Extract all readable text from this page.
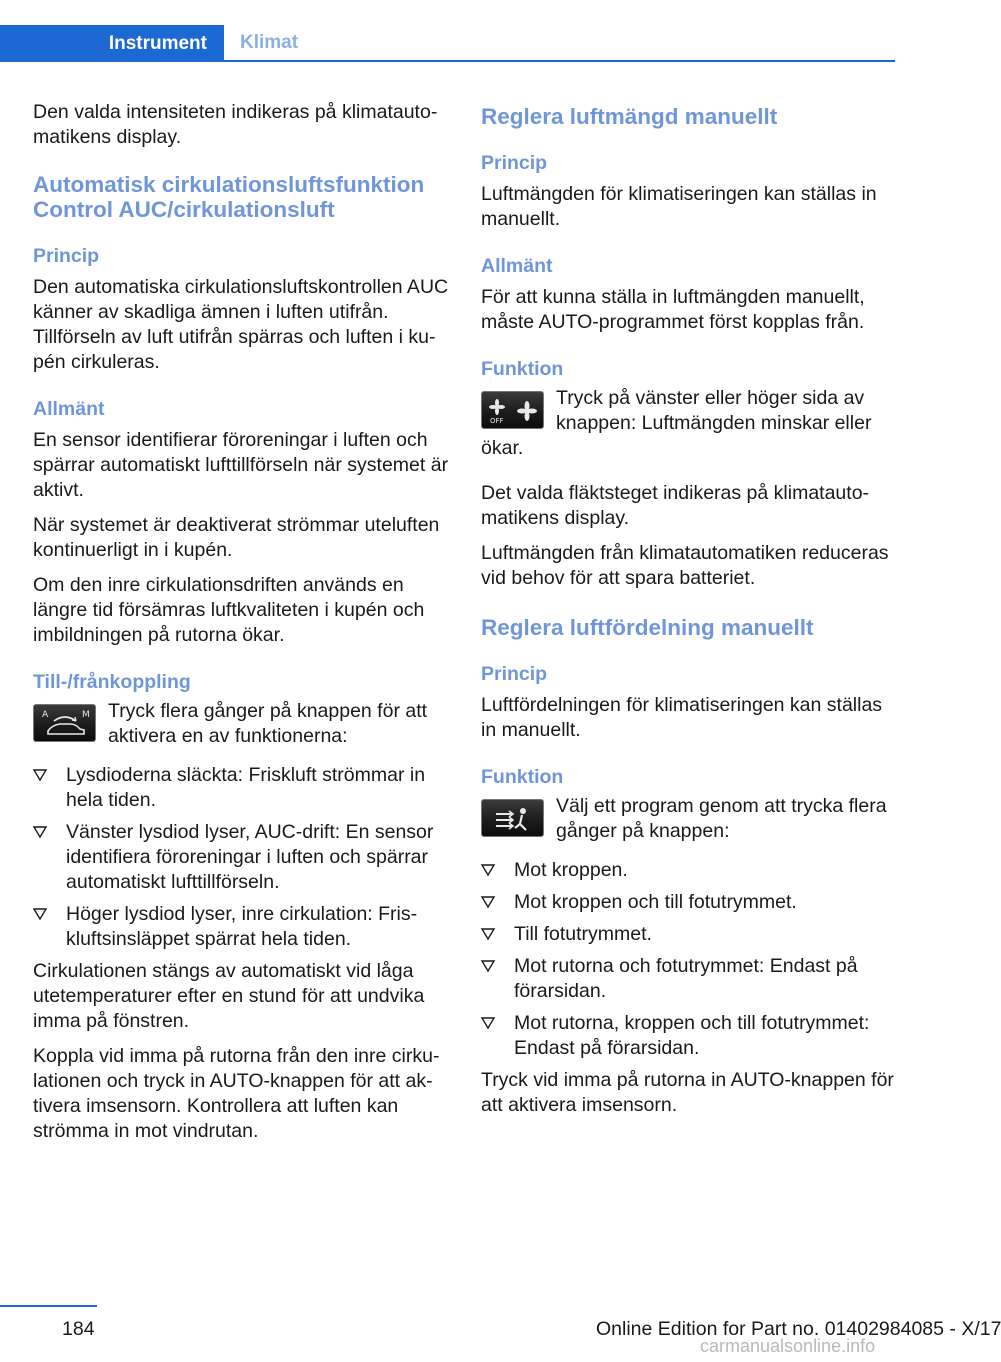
Instrument	Klimat

Den valda intensiteten indikeras på klimatautomatikens display.

Automatisk cirkulationsluftsfunktion Control AUC/cirkulationsluft
Princip

Den automatiska cirkulationsluftskontrollen AUC känner av skadliga ämnen i luften utifrån. Tillförseln av luft utifrån spärras och luften i kupén cirkuleras.

Allmänt

En sensor identifierar föroreningar i luften och spärrar automatiskt lufttillförseln när systemet är aktivt.

När systemet är deaktiverat strömmar uteluften kontinuerligt in i kupén.

Om den inre cirkulationsdriften används en längre tid försämras luftkvaliteten i kupén och imbildningen på rutorna ökar.

Till-/frånkoppling
A	M Tryck flera gånger på knappen för att aktivera en av funktionerna:

Lysdioderna släckta: Friskluft strömmar in hela tiden.
Vänster lysdiod lyser, AUC-drift: En sensor identifiera föroreningar i luften och spärrar automatiskt lufttillförseln.
Höger lysdiod lyser, inre cirkulation: Friskluftsinsläppet spärrat hela tiden.

Cirkulationen stängs av automatiskt vid låga utetemperaturer efter en stund för att undvika imma på fönstren.

Koppla vid imma på rutorna från den inre cirkulationen och tryck in AUTO-knappen för att aktivera imsensorn. Kontrollera att luften kan strömma in mot vindrutan.

Reglera luftmängd manuellt
Princip

Luftmängden för klimatiseringen kan ställas in manuellt.

Allmänt

För att kunna ställa in luftmängden manuellt, måste AUTO-programmet först kopplas från.

Funktion
OFF

Tryck på vänster eller höger sida av knappen: Luftmängden minskar eller ökar.

Det valda fläktsteget indikeras på klimatautomatikens display.

Luftmängden från klimatautomatiken reduceras vid behov för att spara batteriet.

Reglera luftfördelning manuellt
Princip

Luftfördelningen för klimatiseringen kan ställas in manuellt.

Funktion

Välj ett program genom att trycka flera gånger på knappen:

Mot kroppen.
Mot kroppen och till fotutrymmet.
Till fotutrymmet.
Mot rutorna och fotutrymmet: Endast på förarsidan.
Mot rutorna, kroppen och till fotutrymmet: Endast på förarsidan.

Tryck vid imma på rutorna in AUTO-knappen för att aktivera imsensorn.

184	Online Edition for Part no. 01402984085 - X/17
carmanualsonline.info
